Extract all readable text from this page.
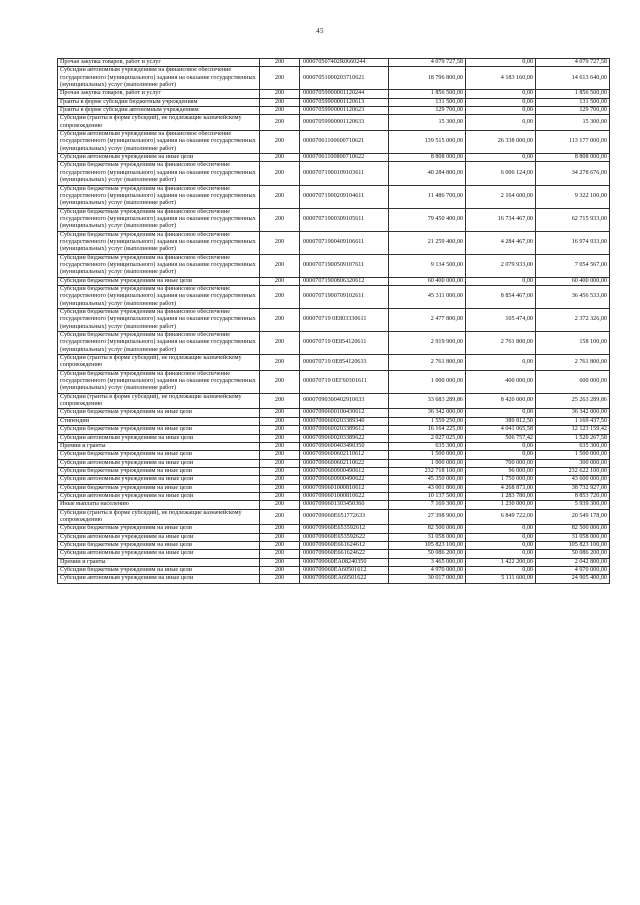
45
Прочая закупка товаров, работ и услуг	200	000070507402R0660244	4 079 727,58	0,00	4 079 727,58
Субсидии автономным учреждениям на финансовое обеспечение государственного (муниципального) задания на оказание государственных (муниципальных) услуг (выполнение работ)	200	00007051000203710621	18 796 800,00	4 183 160,00	14 613 640,00
Прочая закупка товаров, работ и услуг	200	00007059900001120244	1 856 500,00	0,00	1 856 500,00
Гранты в форме субсидии бюджетным учреждениям	200	00007059900001120613	131 500,00	0,00	131 500,00
Гранты в форме субсидии автономным учреждениям	200	00007059900001120623	129 700,00	0,00	129 700,00
Субсидии (гранты в форме субсидий), не подлежащие казначейскому сопровождению	200	00007059900001120633	15 300,00	0,00	15 300,00
Субсидии автономным учреждениям на финансовое обеспечение государственного (муниципального) задания на оказание государственных (муниципальных) услуг (выполнение работ)	200	00007061100600710621	139 515 000,00	26 338 000,00	113 177 000,00
Субсидии автономным учреждениям на иные цели	200	00007061100800710622	8 808 000,00	0,00	8 808 000,00
Субсидии бюджетным учреждениям на финансовое обеспечение государственного (муниципального) задания на оказание государственных (муниципальных) услуг (выполнение работ)	200	00007071900109103611	40 284 800,00	6 006 124,00	34 278 676,00
Субсидии бюджетным учреждениям на финансовое обеспечение государственного (муниципального) задания на оказание государственных (муниципальных) услуг (выполнение работ)	200	00007071900209104611	11 486 700,00	2 164 600,00	9 322 100,00
Субсидии бюджетным учреждениям на финансовое обеспечение государственного (муниципального) задания на оказание государственных (муниципальных) услуг (выполнение работ)	200	00007071900309105611	79 450 400,00	16 734 467,00	62 715 933,00
Субсидии бюджетным учреждениям на финансовое обеспечение государственного (муниципального) задания на оказание государственных (муниципальных) услуг (выполнение работ)	200	00007071900409106611	21 259 400,00	4 284 467,00	16 974 933,00
Субсидии бюджетным учреждениям на финансовое обеспечение государственного (муниципального) задания на оказание государственных (муниципальных) услуг (выполнение работ)	200	00007071900509107611	9 134 500,00	2 079 933,00	7 054 567,00
Субсидии бюджетным учреждениям на иные цели	200	00007071900806320612	60 400 000,00	0,00	60 400 000,00
Субсидии бюджетным учреждениям на финансовое обеспечение государственного (муниципального) задания на оказание государственных (муниципальных) услуг (выполнение работ)	200	00007071900709102611	45 311 000,00	8 854 467,00	36 456 533,00
Субсидии бюджетным учреждениям на финансовое обеспечение государственного (муниципального) задания на оказание государственных (муниципальных) услуг (выполнение работ)	200	000070719 0E803330611	2 477 800,00	105 474,00	2 372 326,00
Субсидии бюджетным учреждениям на финансовое обеспечение государственного (муниципального) задания на оказание государственных (муниципальных) услуг (выполнение работ)	200	000070719 0E854120611	2 919 900,00	2 761 800,00	158 100,00
Субсидии (гранты в форме субсидий), не подлежащие казначейскому сопровождению	200	000070719 0E854120633	2 761 800,00	0,00	2 761 800,00
Субсидии бюджетным учреждениям на финансовое обеспечение государственного (муниципального) задания на оказание государственных (муниципальных) услуг (выполнение работ)	200	000070719 0EГ60301611	1 000 000,00	400 000,00	600 000,00
Субсидии (гранты в форме субсидий), не подлежащие казначейскому сопровождению	200	00007090300402910633	33 683 289,86	8 420 000,00	25 263 289,86
Субсидии бюджетным учреждениям на иные цели	200	00007090600100430612	36 342 000,00	0,00	36 342 000,00
Стипендии	200	00007090600203389340	1 559 250,00	389 812,50	1 169 437,50
Субсидии бюджетным учреждениям на иные цели	200	00007090600203389612	16 164 225,00	4 041 065,58	12 123 159,42
Субсидии автономным учреждениям на иные цели	200	00007090600203389622	2 027 025,00	506 757,42	1 520 267,58
Премии и гранты	200	00007090600403490350	635 300,00	0,00	635 300,00
Субсидии бюджетным учреждениям на иные цели	200	00007090600602110612	1 500 000,00	0,00	1 500 000,00
Субсидии автономным учреждениям на иные цели	200	00007090600602110622	1 000 000,00	700 000,00	300 000,00
Субсидии бюджетным учреждениям на иные цели	200	00007090600900490612	232 718 100,00	96 000,00	232 622 100,00
Субсидии автономным учреждениям на иные цели	200	00007090600900490622	45 350 000,00	1 750 000,00	43 600 000,00
Субсидии бюджетным учреждениям на иные цели	200	00007090601000810612	43 001 800,00	4 268 873,00	38 732 927,00
Субсидии автономным учреждениям на иные цели	200	00007090601000810622	10 137 500,00	1 283 780,00	8 853 720,00
Иные выплаты населению	200	00007090601303450360	7 169 300,00	1 230 000,00	5 939 300,00
Субсидии (гранты в форме субсидий), не подлежащие казначейскому сопровождению	200	0000709060E651772633	27 398 900,00	6 849 722,00	20 549 178,00
Субсидии бюджетным учреждениям на иные цели	200	0000709060E653592612	82 500 000,00	0,00	82 500 000,00
Субсидии автономным учреждениям на иные цели	200	0000709060E653592622	31 058 000,00	0,00	31 058 000,00
Субсидии бюджетным учреждениям на иные цели	200	0000709060E661624612	105 823 100,00	0,00	105 823 100,00
Субсидии автономным учреждениям на иные цели	200	0000709060E661624622	50 086 200,00	0,00	50 086 200,00
Премии и гранты	200	0000709060EA08240350	3 465 000,00	1 422 200,00	2 042 800,00
Субсидии бюджетным учреждениям на иные цели	200	0000709060EA60501612	4 970 000,00	0,00	4 970 000,00
Субсидии автономным учреждениям на иные цели	200	0000709060EA60501622	30 017 000,00	5 111 600,00	24 905 400,00
